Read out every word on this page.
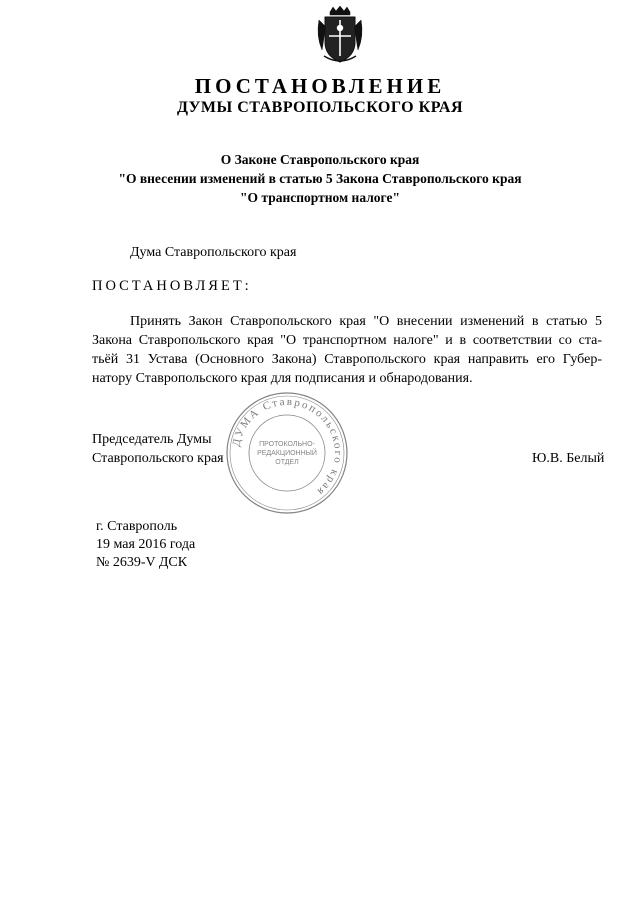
ПОСТАНОВЛЕНИЕ
ДУМЫ СТАВРОПОЛЬСКОГО КРАЯ
О Законе Ставропольского края
"О внесении изменений в статью 5 Закона Ставропольского края
"О транспортном налоге"
Дума Ставропольского края
ПОСТАНОВЛЯЕТ:
Принять Закон Ставропольского края "О внесении изменений в статью 5
Закона Ставропольского края "О транспортном налоге" и в соответствии со ста-
тьёй 31 Устава (Основного Закона) Ставропольского края направить его Губер-
натору Ставропольского края для подписания и обнародования.
Председатель Думы
Ставропольского края	Ю.В. Белый
ДУМА Ставропольского края
ПРОТОКОЛЬНО-
РЕДАКЦИОННЫЙ
ОТДЕЛ
г. Ставрополь
19 мая 2016 года
№ 2639-V ДСК
